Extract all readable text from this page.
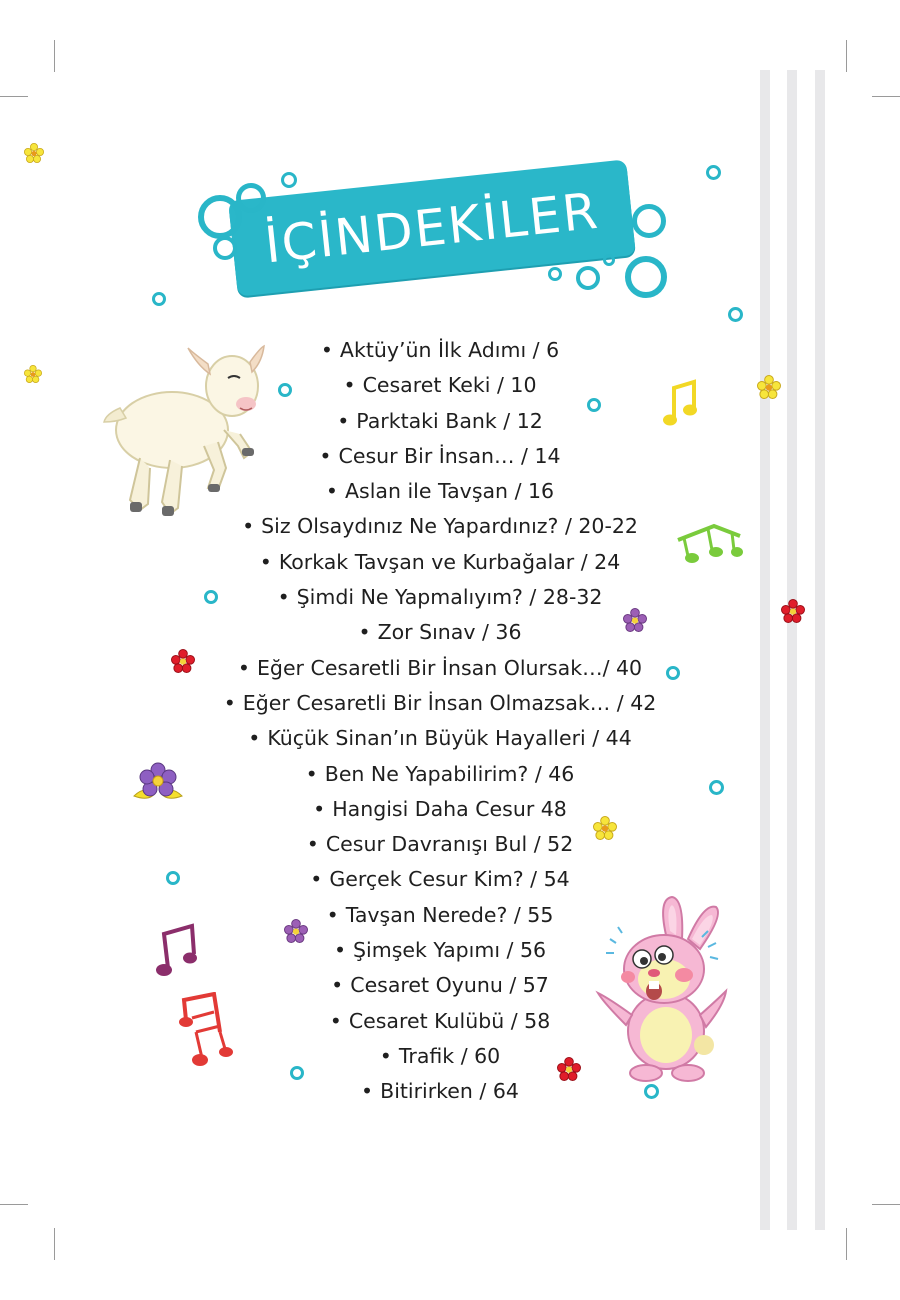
İÇİNDEKİLER
• Aktüy’ün İlk Adımı / 6
• Cesaret Keki / 10
• Parktaki Bank / 12
• Cesur Bir İnsan… / 14
• Aslan ile Tavşan / 16
• Siz Olsaydınız Ne Yapardınız? / 20-22
• Korkak Tavşan ve Kurbağalar / 24
• Şimdi Ne Yapmalıyım? / 28-32
• Zor Sınav / 36
• Eğer Cesaretli Bir İnsan Olursak…/ 40
• Eğer Cesaretli Bir İnsan Olmazsak… / 42
• Küçük Sinan’ın Büyük Hayalleri / 44
• Ben Ne Yapabilirim? / 46
• Hangisi Daha Cesur 48
• Cesur Davranışı Bul / 52
• Gerçek Cesur Kim? / 54
• Tavşan Nerede? / 55
• Şimşek Yapımı / 56
• Cesaret Oyunu / 57
• Cesaret Kulübü / 58
• Trafik / 60
• Bitirirken / 64
